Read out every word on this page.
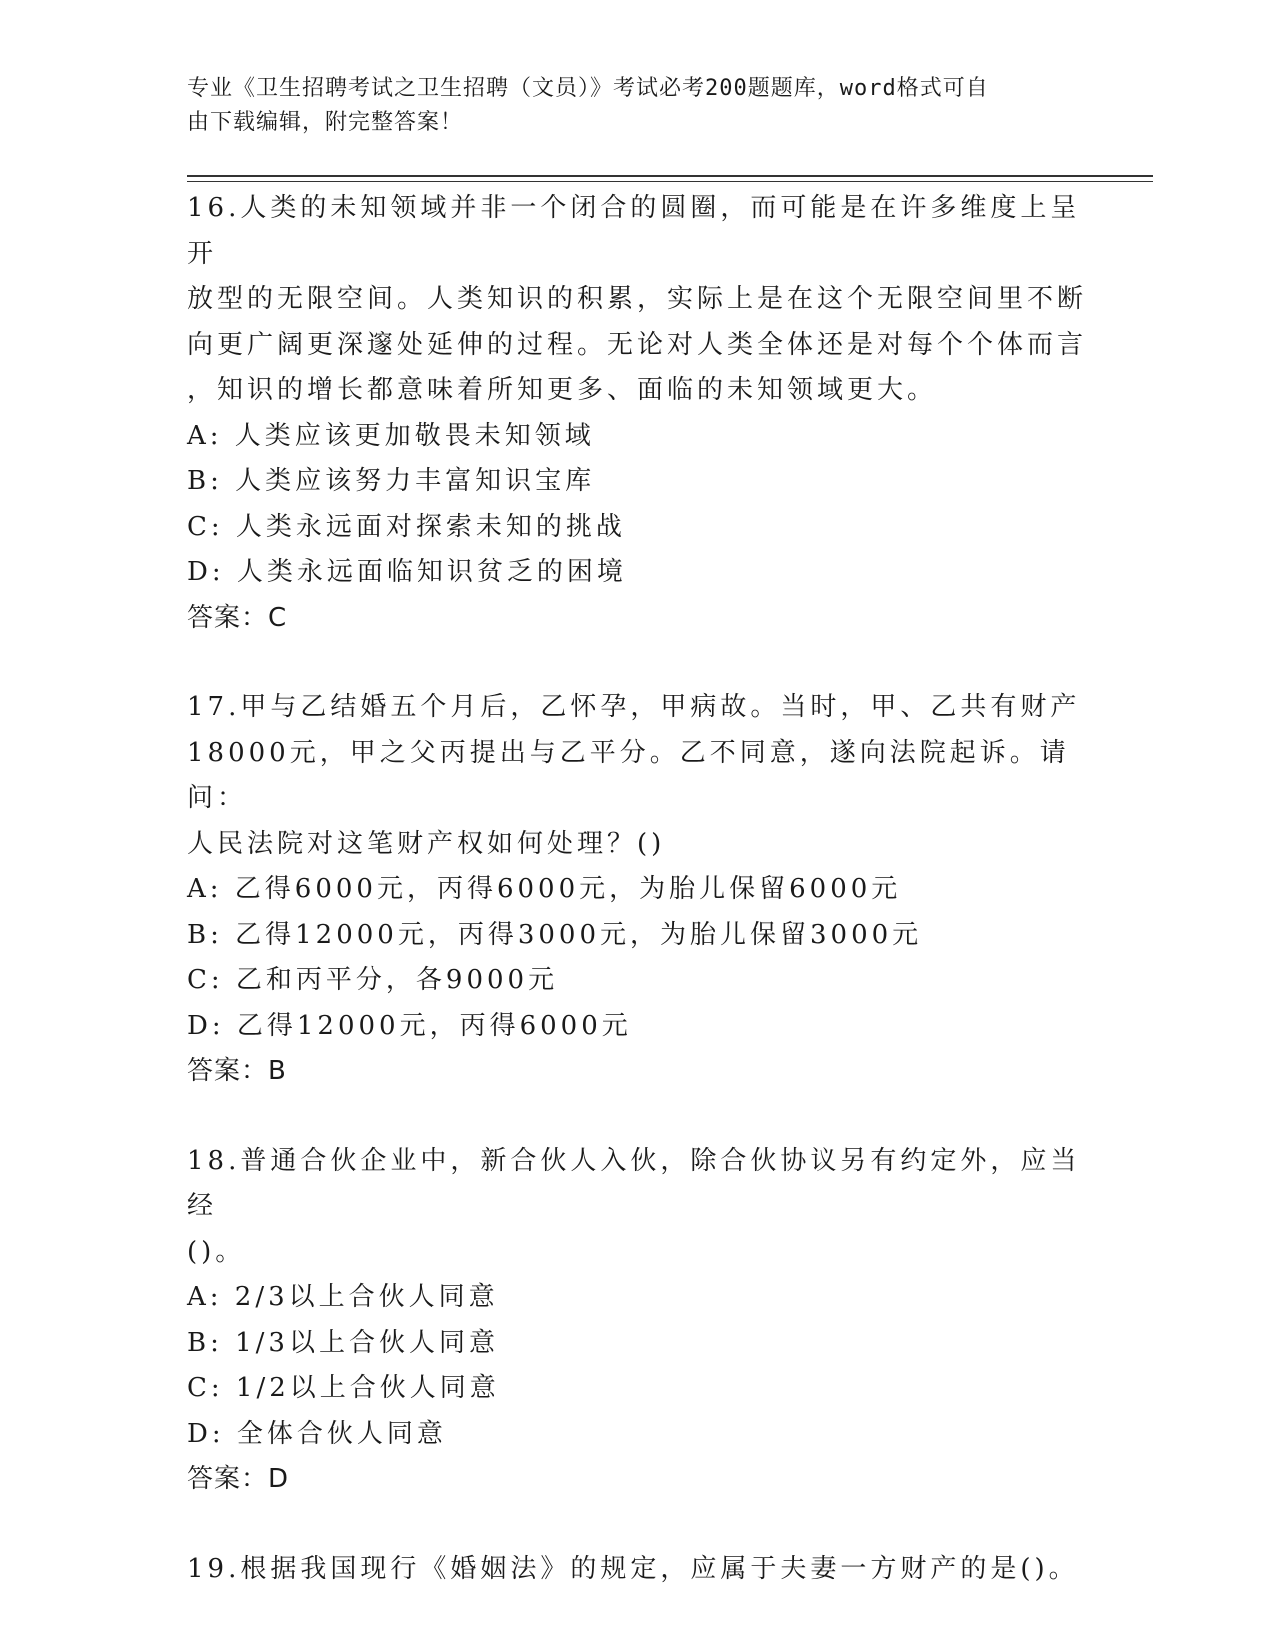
专业《卫生招聘考试之卫生招聘（文员）》考试必考200题题库，word格式可自
由下载编辑，附完整答案！

16.人类的未知领域并非一个闭合的圆圈，而可能是在许多维度上呈开

放型的无限空间。人类知识的积累，实际上是在这个无限空间里不断

向更广阔更深邃处延伸的过程。无论对人类全体还是对每个个体而言

，知识的增长都意味着所知更多、面临的未知领域更大。

A: 人类应该更加敬畏未知领域

B: 人类应该努力丰富知识宝库

C: 人类永远面对探索未知的挑战

D: 人类永远面临知识贫乏的困境

答案：C

17.甲与乙结婚五个月后，乙怀孕，甲病故。当时，甲、乙共有财产

18000元，甲之父丙提出与乙平分。乙不同意，遂向法院起诉。请问：

人民法院对这笔财产权如何处理？()

A: 乙得6000元，丙得6000元，为胎儿保留6000元

B: 乙得12000元，丙得3000元，为胎儿保留3000元

C: 乙和丙平分，各9000元

D: 乙得12000元，丙得6000元

答案：B

18.普通合伙企业中，新合伙人入伙，除合伙协议另有约定外，应当经

()。

A: 2/3以上合伙人同意

B: 1/3以上合伙人同意

C: 1/2以上合伙人同意

D: 全体合伙人同意

答案：D

19.根据我国现行《婚姻法》的规定，应属于夫妻一方财产的是()。
